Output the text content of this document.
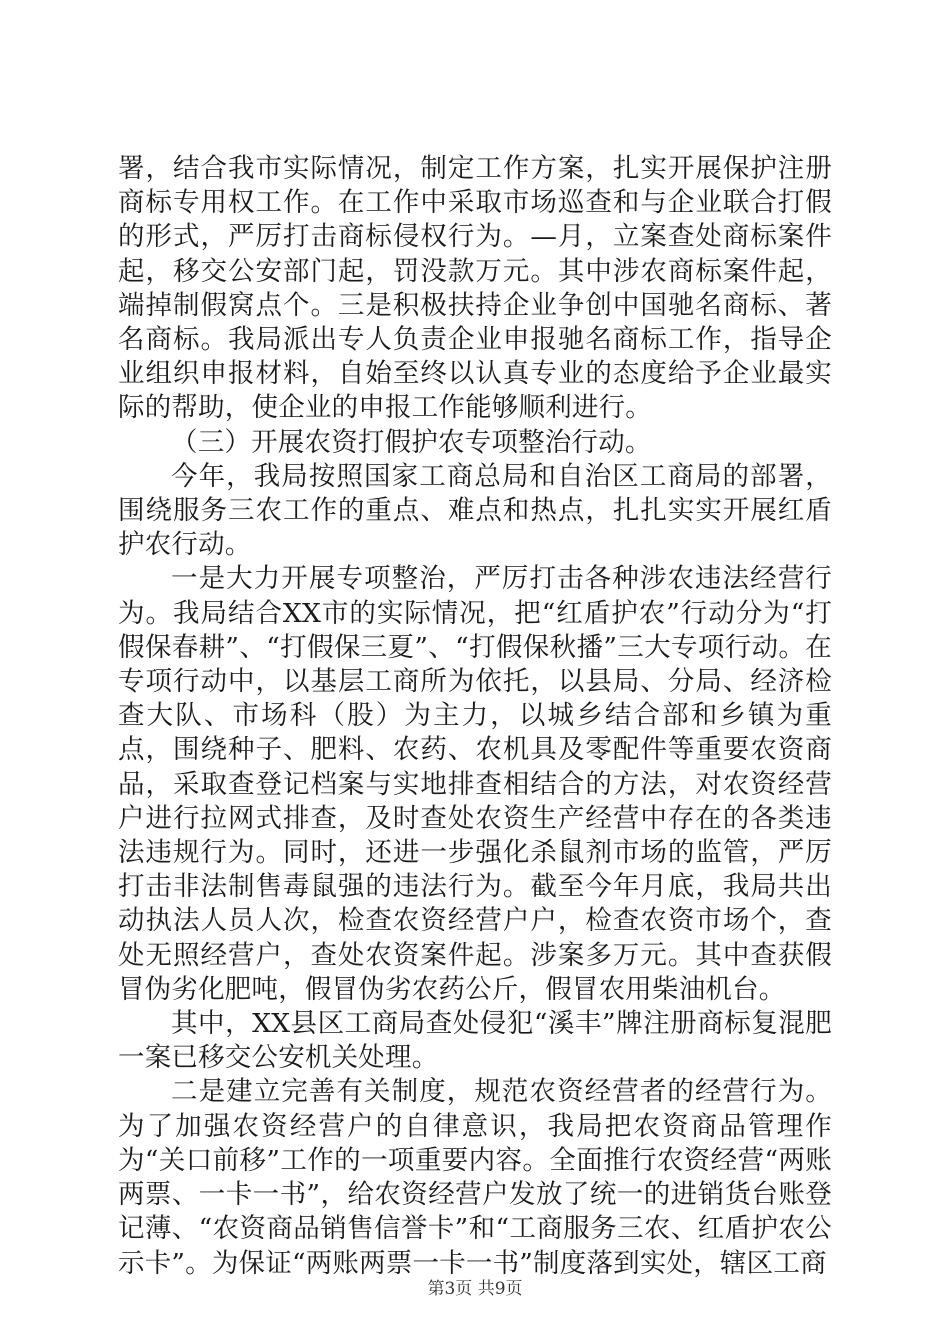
署，结合我市实际情况，制定工作方案，扎实开展保护注册商标专用权工作。在工作中采取市场巡查和与企业联合打假的形式，严厉打击商标侵权行为。—月，立案查处商标案件起，移交公安部门起，罚没款万元。其中涉农商标案件起，端掉制假窝点个。三是积极扶持企业争创中国驰名商标、著名商标。我局派出专人负责企业申报驰名商标工作，指导企业组织申报材料，自始至终以认真专业的态度给予企业最实际的帮助，使企业的申报工作能够顺利进行。

（三）开展农资打假护农专项整治行动。

今年，我局按照国家工商总局和自治区工商局的部署，围绕服务三农工作的重点、难点和热点，扎扎实实开展红盾护农行动。

一是大力开展专项整治，严厉打击各种涉农违法经营行为。我局结合XX市的实际情况，把“红盾护农”行动分为“打假保春耕”、“打假保三夏”、“打假保秋播”三大专项行动。在专项行动中，以基层工商所为依托，以县局、分局、经济检查大队、市场科（股）为主力，以城乡结合部和乡镇为重点，围绕种子、肥料、农药、农机具及零配件等重要农资商品，采取查登记档案与实地排查相结合的方法，对农资经营户进行拉网式排查，及时查处农资生产经营中存在的各类违法违规行为。同时，还进一步强化杀鼠剂市场的监管，严厉打击非法制售毒鼠强的违法行为。截至今年月底，我局共出动执法人员人次，检查农资经营户户，检查农资市场个，查处无照经营户，查处农资案件起。涉案多万元。其中查获假冒伪劣化肥吨，假冒伪劣农药公斤，假冒农用柴油机台。

其中，XX县区工商局查处侵犯“溪丰”牌注册商标复混肥一案已移交公安机关处理。

二是建立完善有关制度，规范农资经营者的经营行为。为了加强农资经营户的自律意识，我局把农资商品管理作为“关口前移”工作的一项重要内容。全面推行农资经营“两账两票、一卡一书”，给农资经营户发放了统一的进销货台账登记薄、“农资商品销售信誉卡”和“工商服务三农、红盾护农公示卡”。为保证“两账两票一卡一书”制度落到实处，辖区工商

第3页 共9页
